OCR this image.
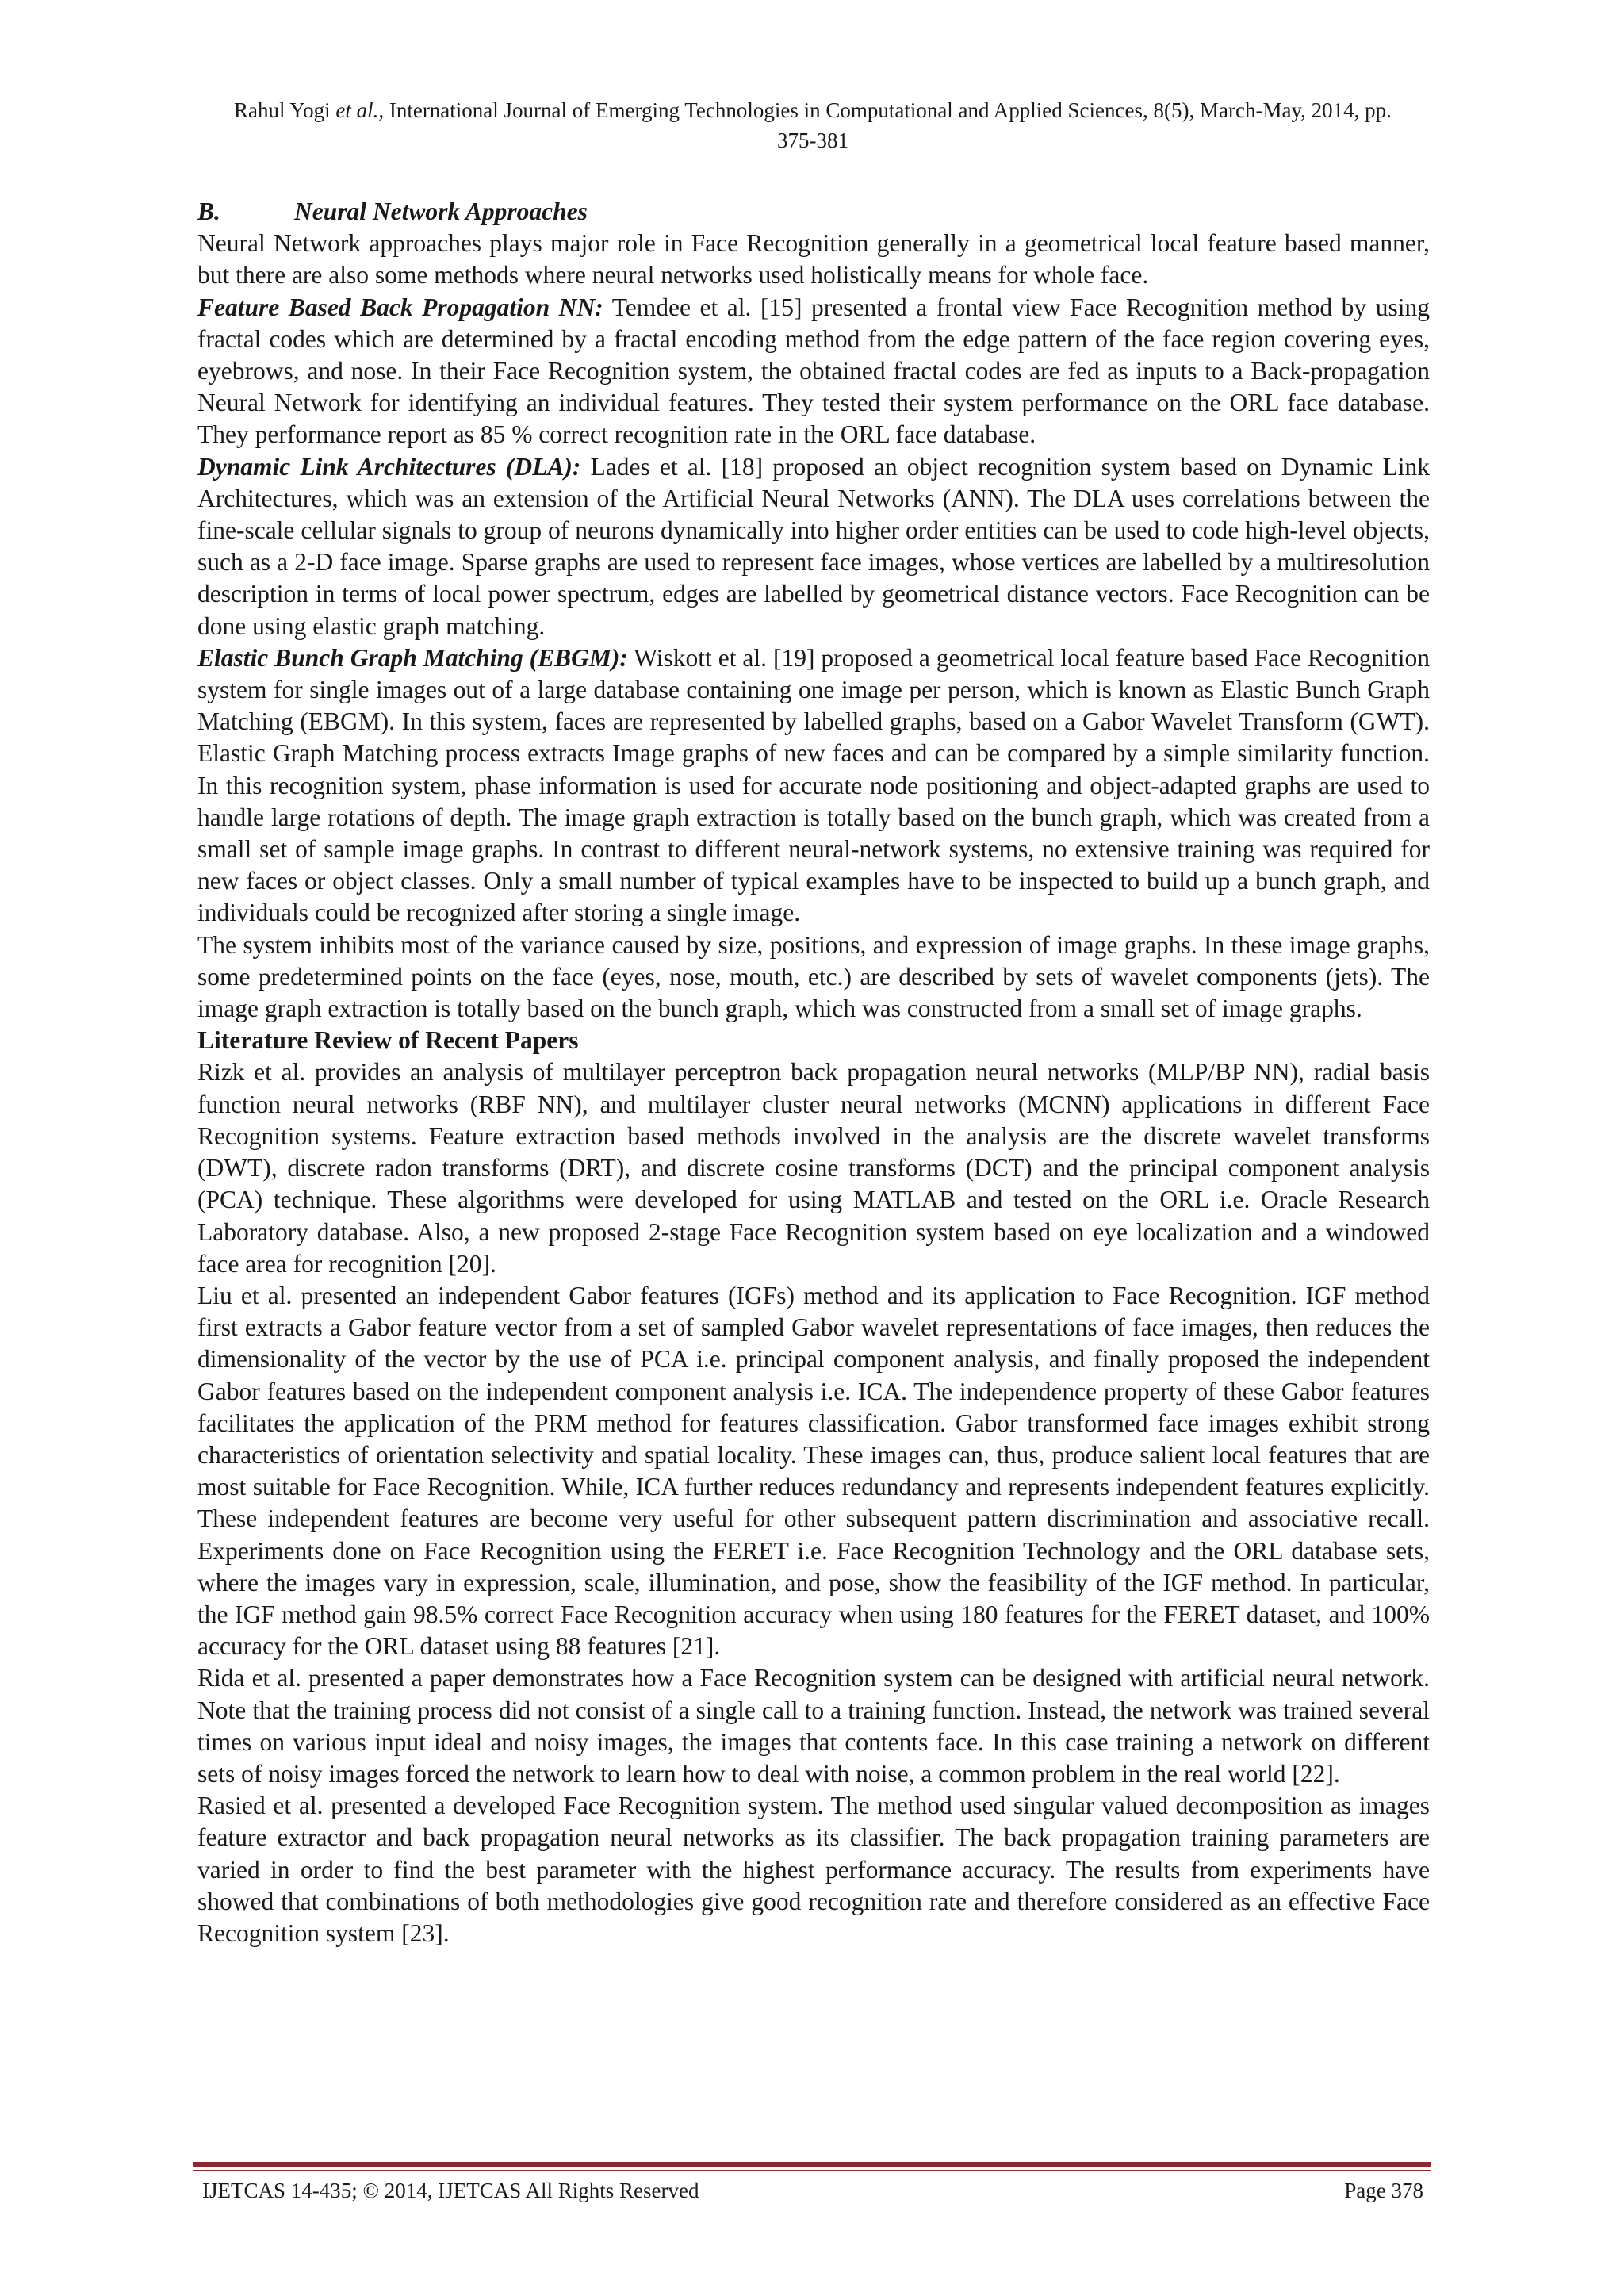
Rahul Yogi et al., International Journal of Emerging Technologies in Computational and Applied Sciences, 8(5), March-May, 2014, pp.
375-381

B.	Neural Network Approaches

Neural Network approaches plays major role in Face Recognition generally in a geometrical local feature based manner, but there are also some methods where neural networks used holistically means for whole face.

Feature Based Back Propagation NN: Temdee et al. [15] presented a frontal view Face Recognition method by using fractal codes which are determined by a fractal encoding method from the edge pattern of the face region covering eyes, eyebrows, and nose. In their Face Recognition system, the obtained fractal codes are fed as inputs to a Back-propagation Neural Network for identifying an individual features. They tested their system performance on the ORL face database. They performance report as 85 % correct recognition rate in the ORL face database.

Dynamic Link Architectures (DLA): Lades et al. [18] proposed an object recognition system based on Dynamic Link Architectures, which was an extension of the Artificial Neural Networks (ANN). The DLA uses correlations between the fine-scale cellular signals to group of neurons dynamically into higher order entities can be used to code high-level objects, such as a 2-D face image. Sparse graphs are used to represent face images, whose vertices are labelled by a multiresolution description in terms of local power spectrum, edges are labelled by geometrical distance vectors. Face Recognition can be done using elastic graph matching.

Elastic Bunch Graph Matching (EBGM): Wiskott et al. [19] proposed a geometrical local feature based Face Recognition system for single images out of a large database containing one image per person, which is known as Elastic Bunch Graph Matching (EBGM). In this system, faces are represented by labelled graphs, based on a Gabor Wavelet Transform (GWT). Elastic Graph Matching process extracts Image graphs of new faces and can be compared by a simple similarity function. In this recognition system, phase information is used for accurate node positioning and object-adapted graphs are used to handle large rotations of depth. The image graph extraction is totally based on the bunch graph, which was created from a small set of sample image graphs. In contrast to different neural-network systems, no extensive training was required for new faces or object classes. Only a small number of typical examples have to be inspected to build up a bunch graph, and individuals could be recognized after storing a single image.

The system inhibits most of the variance caused by size, positions, and expression of image graphs. In these image graphs, some predetermined points on the face (eyes, nose, mouth, etc.) are described by sets of wavelet components (jets). The image graph extraction is totally based on the bunch graph, which was constructed from a small set of image graphs.

Literature Review of Recent Papers

Rizk et al. provides an analysis of multilayer perceptron back propagation neural networks (MLP/BP NN), radial basis function neural networks (RBF NN), and multilayer cluster neural networks (MCNN) applications in different Face Recognition systems. Feature extraction based methods involved in the analysis are the discrete wavelet transforms (DWT), discrete radon transforms (DRT), and discrete cosine transforms (DCT) and the principal component analysis (PCA) technique. These algorithms were developed for using MATLAB and tested on the ORL i.e. Oracle Research Laboratory database. Also, a new proposed 2-stage Face Recognition system based on eye localization and a windowed face area for recognition [20].

Liu et al. presented an independent Gabor features (IGFs) method and its application to Face Recognition. IGF method first extracts a Gabor feature vector from a set of sampled Gabor wavelet representations of face images, then reduces the dimensionality of the vector by the use of PCA i.e. principal component analysis, and finally proposed the independent Gabor features based on the independent component analysis i.e. ICA. The independence property of these Gabor features facilitates the application of the PRM method for features classification. Gabor transformed face images exhibit strong characteristics of orientation selectivity and spatial locality. These images can, thus, produce salient local features that are most suitable for Face Recognition. While, ICA further reduces redundancy and represents independent features explicitly. These independent features are become very useful for other subsequent pattern discrimination and associative recall. Experiments done on Face Recognition using the FERET i.e. Face Recognition Technology and the ORL database sets, where the images vary in expression, scale, illumination, and pose, show the feasibility of the IGF method. In particular, the IGF method gain 98.5% correct Face Recognition accuracy when using 180 features for the FERET dataset, and 100% accuracy for the ORL dataset using 88 features [21].

Rida et al. presented a paper demonstrates how a Face Recognition system can be designed with artificial neural network. Note that the training process did not consist of a single call to a training function. Instead, the network was trained several times on various input ideal and noisy images, the images that contents face. In this case training a network on different sets of noisy images forced the network to learn how to deal with noise, a common problem in the real world [22].

Rasied et al. presented a developed Face Recognition system. The method used singular valued decomposition as images feature extractor and back propagation neural networks as its classifier. The back propagation training parameters are varied in order to find the best parameter with the highest performance accuracy. The results from experiments have showed that combinations of both methodologies give good recognition rate and therefore considered as an effective Face Recognition system [23].

IJETCAS 14-435; © 2014, IJETCAS All Rights Reserved	Page 378
